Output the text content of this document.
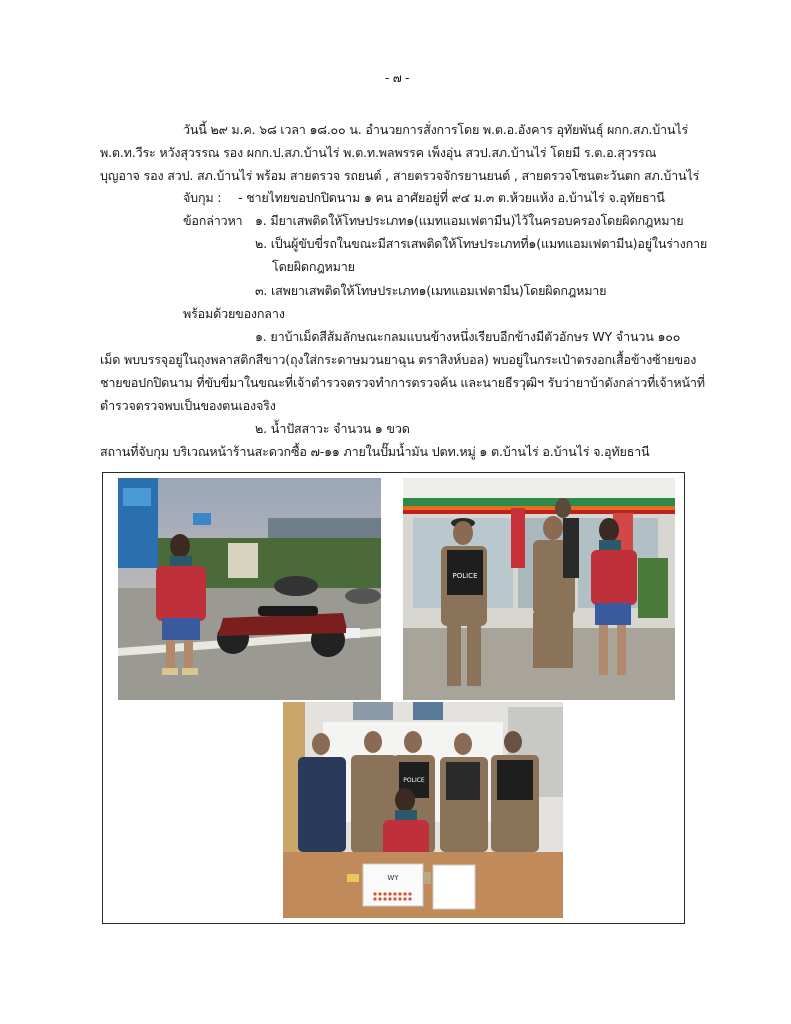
- ๗ -
วันนี้ ๒๙ ม.ค. ๖๘ เวลา ๑๘.๐๐ น. อำนวยการสั่งการโดย พ.ต.อ.อังคาร อุทัยพันธุ์ ผกก.สภ.บ้านไร่
พ.ต.ท.วีระ หวังสุวรรณ รอง ผกก.ป.สภ.บ้านไร่ พ.ต.ท.พลพรรค เพ็งอุ่น สวป.สภ.บ้านไร่ โดยมี ร.ต.อ.สุวรรณ
บุญอาจ รอง สวป. สภ.บ้านไร่ พร้อม สายตรวจ รถยนต์ , สายตรวจจักรยานยนต์ , สายตรวจโซนตะวันตก สภ.บ้านไร่
จับกุม : - ชายไทยขอปกปิดนาม ๑ คน อาศัยอยู่ที่ ๙๔ ม.๓ ต.ห้วยแห้ง อ.บ้านไร่ จ.อุทัยธานี
ข้อกล่าวหา ๑. มียาเสพติดให้โทษประเภท๑(แมทแอมเฟตามีน)ไว้ในครอบครองโดยผิดกฎหมาย
๒. เป็นผู้ขับขี่รถในขณะมีสารเสพติดให้โทษประเภทที่๑(แมทแอมเฟตามีน)อยู่ในร่างกาย
โดยผิดกฎหมาย
๓. เสพยาเสพติดให้โทษประเภท๑(เมทแอมเฟตามีน)โดยผิดกฎหมาย
พร้อมด้วยของกลาง
๑. ยาบ้าเม็ดสีส้มลักษณะกลมแบนข้างหนึ่งเรียบอีกข้างมีตัวอักษร WY จำนวน ๑๐๐
เม็ด พบบรรจุอยู่ในถุงพลาสติกสีขาว(ถุงใส่กระดาษมวนยาฉุน ตราสิงห์บอล) พบอยู่ในกระเป๋าตรงอกเสื้อข้างซ้ายของ
ชายขอปกปิดนาม ที่ขับขี่มาในขณะที่เจ้าตำรวจตรวจทำการตรวจค้น และนายธีรวุฒิฯ รับว่ายาบ้าดังกล่าวที่เจ้าหน้าที่
ตำรวจตรวจพบเป็นของตนเองจริง
๒. น้ำปัสสาวะ จำนวน ๑ ขวด
สถานที่จับกุม บริเวณหน้าร้านสะดวกซื้อ ๗-๑๑ ภายในปั๊มน้ำมัน ปตท.หมู่ ๑ ต.บ้านไร่ อ.บ้านไร่ จ.อุทัยธานี
POLICE
POLICE
WY
